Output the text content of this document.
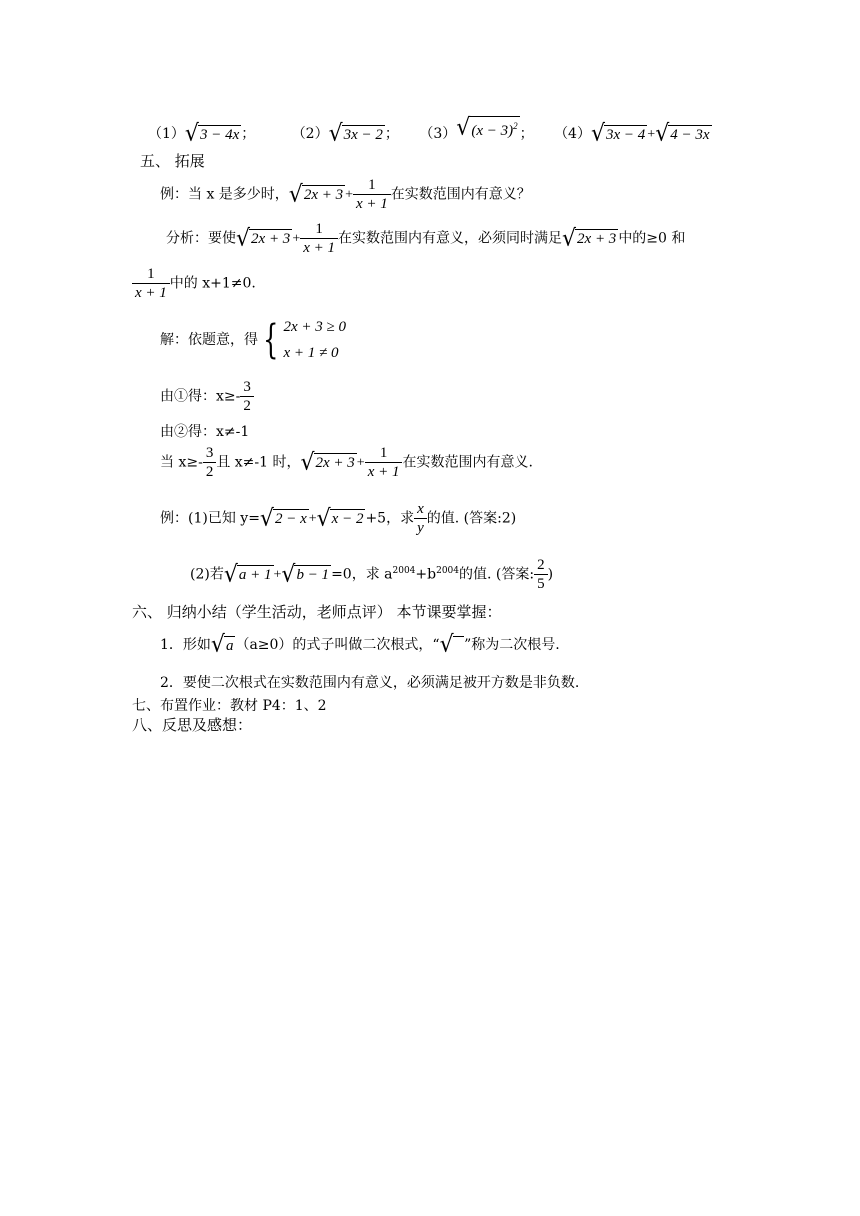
（1）√3 − 4x ；	（2）√3x − 2 ； $(3)√(x - 3)^2$ ； （4）√3x − 4 +√4 − 3x
五、 拓展
例：当 x 是多少时，$√2x + 3 + \frac{1}{x + 1}$ 在实数范围内有意义？
分析：要使$√2x + 3 + \frac{1}{x + 1}$ 在实数范围内有意义，必须同时满足√2x + 3 中的≥0 和
$\frac{1}{x + 1}$ 中的 x+1≠0.
解：依题意，得 { 2x + 3 ≥ 0
x + 1 ≠ 0
由①得：$x\ge- \frac{3}{2}$
由②得：x≠-1
当 $x\ge- \frac{3}{2}$ 且 x≠-1 时，$√2x + 3 + \frac{1}{x + 1}$ 在实数范围内有意义.
例：(1)已知 y=√2 − x +√x − 2 +5，求 $\frac{x}{y}$ 的值. (答案:2)
(2)若√a + 1 +√b − 1 =0，求 $a^{2004}+b^{2004}$的值. (答案: $\frac{2}{5}$ )
六、 归纳小结（学生活动，老师点评） 本节课要掌握：
1．形如√a （a≥0）的式子叫做二次根式，“√ ”称为二次根号.
2．要使二次根式在实数范围内有意义，必须满足被开方数是非负数.
七、布置作业：教材 P4：1、2
八、反思及感想：
